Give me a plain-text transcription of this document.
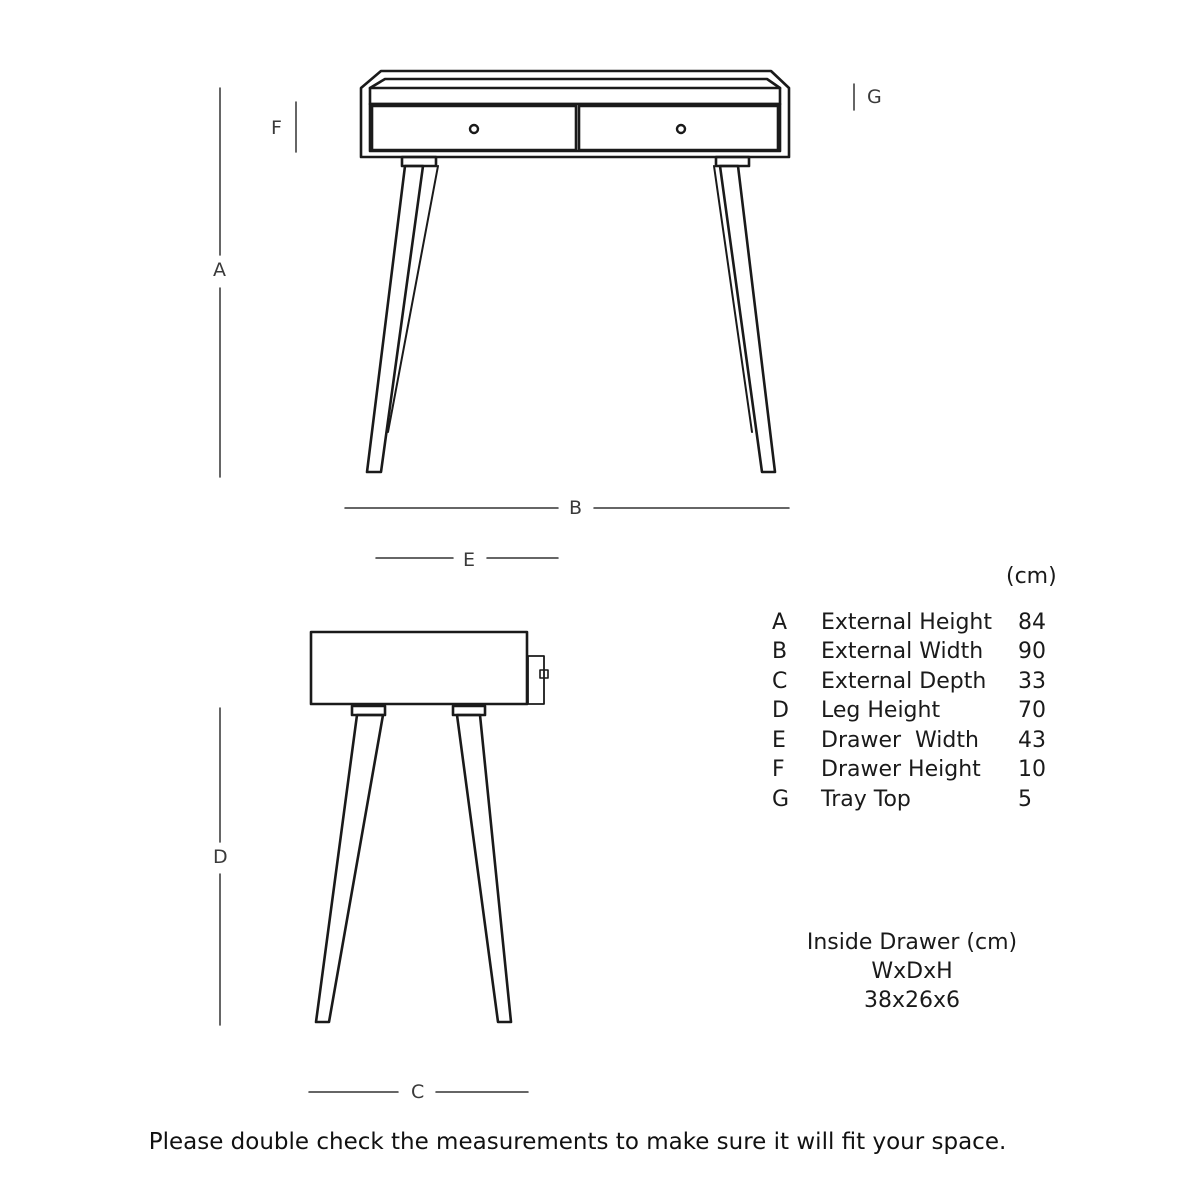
A
F
G
B
E
D
C
(cm)
A External Height 84
B External Width 90
C External Depth 33
D Leg Height	70
E Drawer  Width 43
F Drawer Height 10
G Tray Top	5
Inside Drawer (cm)
WxDxH
38x26x6
Please double check the measurements to make sure it will fit your space.
